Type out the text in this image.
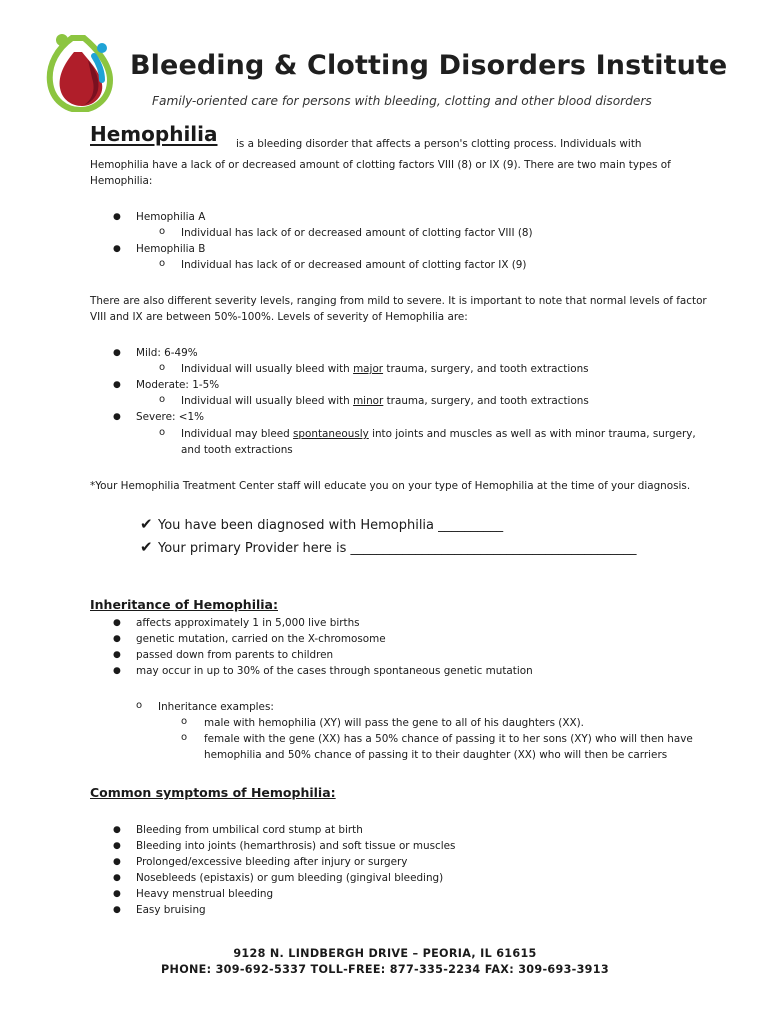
Bleeding & Clotting Disorders Institute
Family-oriented care for persons with bleeding, clotting and other blood disorders
Hemophilia is a bleeding disorder that affects a person's clotting process. Individuals with
Hemophilia have a lack of or decreased amount of clotting factors VIII (8) or IX (9). There are two main types of
Hemophilia:
● Hemophilia A
o Individual has lack of or decreased amount of clotting factor VIII (8)
● Hemophilia B
o Individual has lack of or decreased amount of clotting factor IX (9)
There are also different severity levels, ranging from mild to severe. It is important to note that normal levels of factor
VIII and IX are between 50%-100%. Levels of severity of Hemophilia are:
● Mild: 6-49%
o Individual will usually bleed with major trauma, surgery, and tooth extractions
● Moderate: 1-5%
o Individual will usually bleed with minor trauma, surgery, and tooth extractions
● Severe: <1%
o Individual may bleed spontaneously into joints and muscles as well as with minor trauma, surgery,
and tooth extractions
*Your Hemophilia Treatment Center staff will educate you on your type of Hemophilia at the time of your diagnosis.
✔ You have been diagnosed with Hemophilia __________
✔ Your primary Provider here is ____________________________________________
Inheritance of Hemophilia:
● affects approximately 1 in 5,000 live births
● genetic mutation, carried on the X-chromosome
● passed down from parents to children
● may occur in up to 30% of the cases through spontaneous genetic mutation
o Inheritance examples:
o male with hemophilia (XY) will pass the gene to all of his daughters (XX).
o female with the gene (XX) has a 50% chance of passing it to her sons (XY) who will then have
hemophilia and 50% chance of passing it to their daughter (XX) who will then be carriers
Common symptoms of Hemophilia:
● Bleeding from umbilical cord stump at birth
● Bleeding into joints (hemarthrosis) and soft tissue or muscles
● Prolonged/excessive bleeding after injury or surgery
● Nosebleeds (epistaxis) or gum bleeding (gingival bleeding)
● Heavy menstrual bleeding
● Easy bruising
9128 N. LINDBERGH DRIVE – PEORIA, IL 61615
PHONE: 309-692-5337 TOLL-FREE: 877-335-2234 FAX: 309-693-3913
